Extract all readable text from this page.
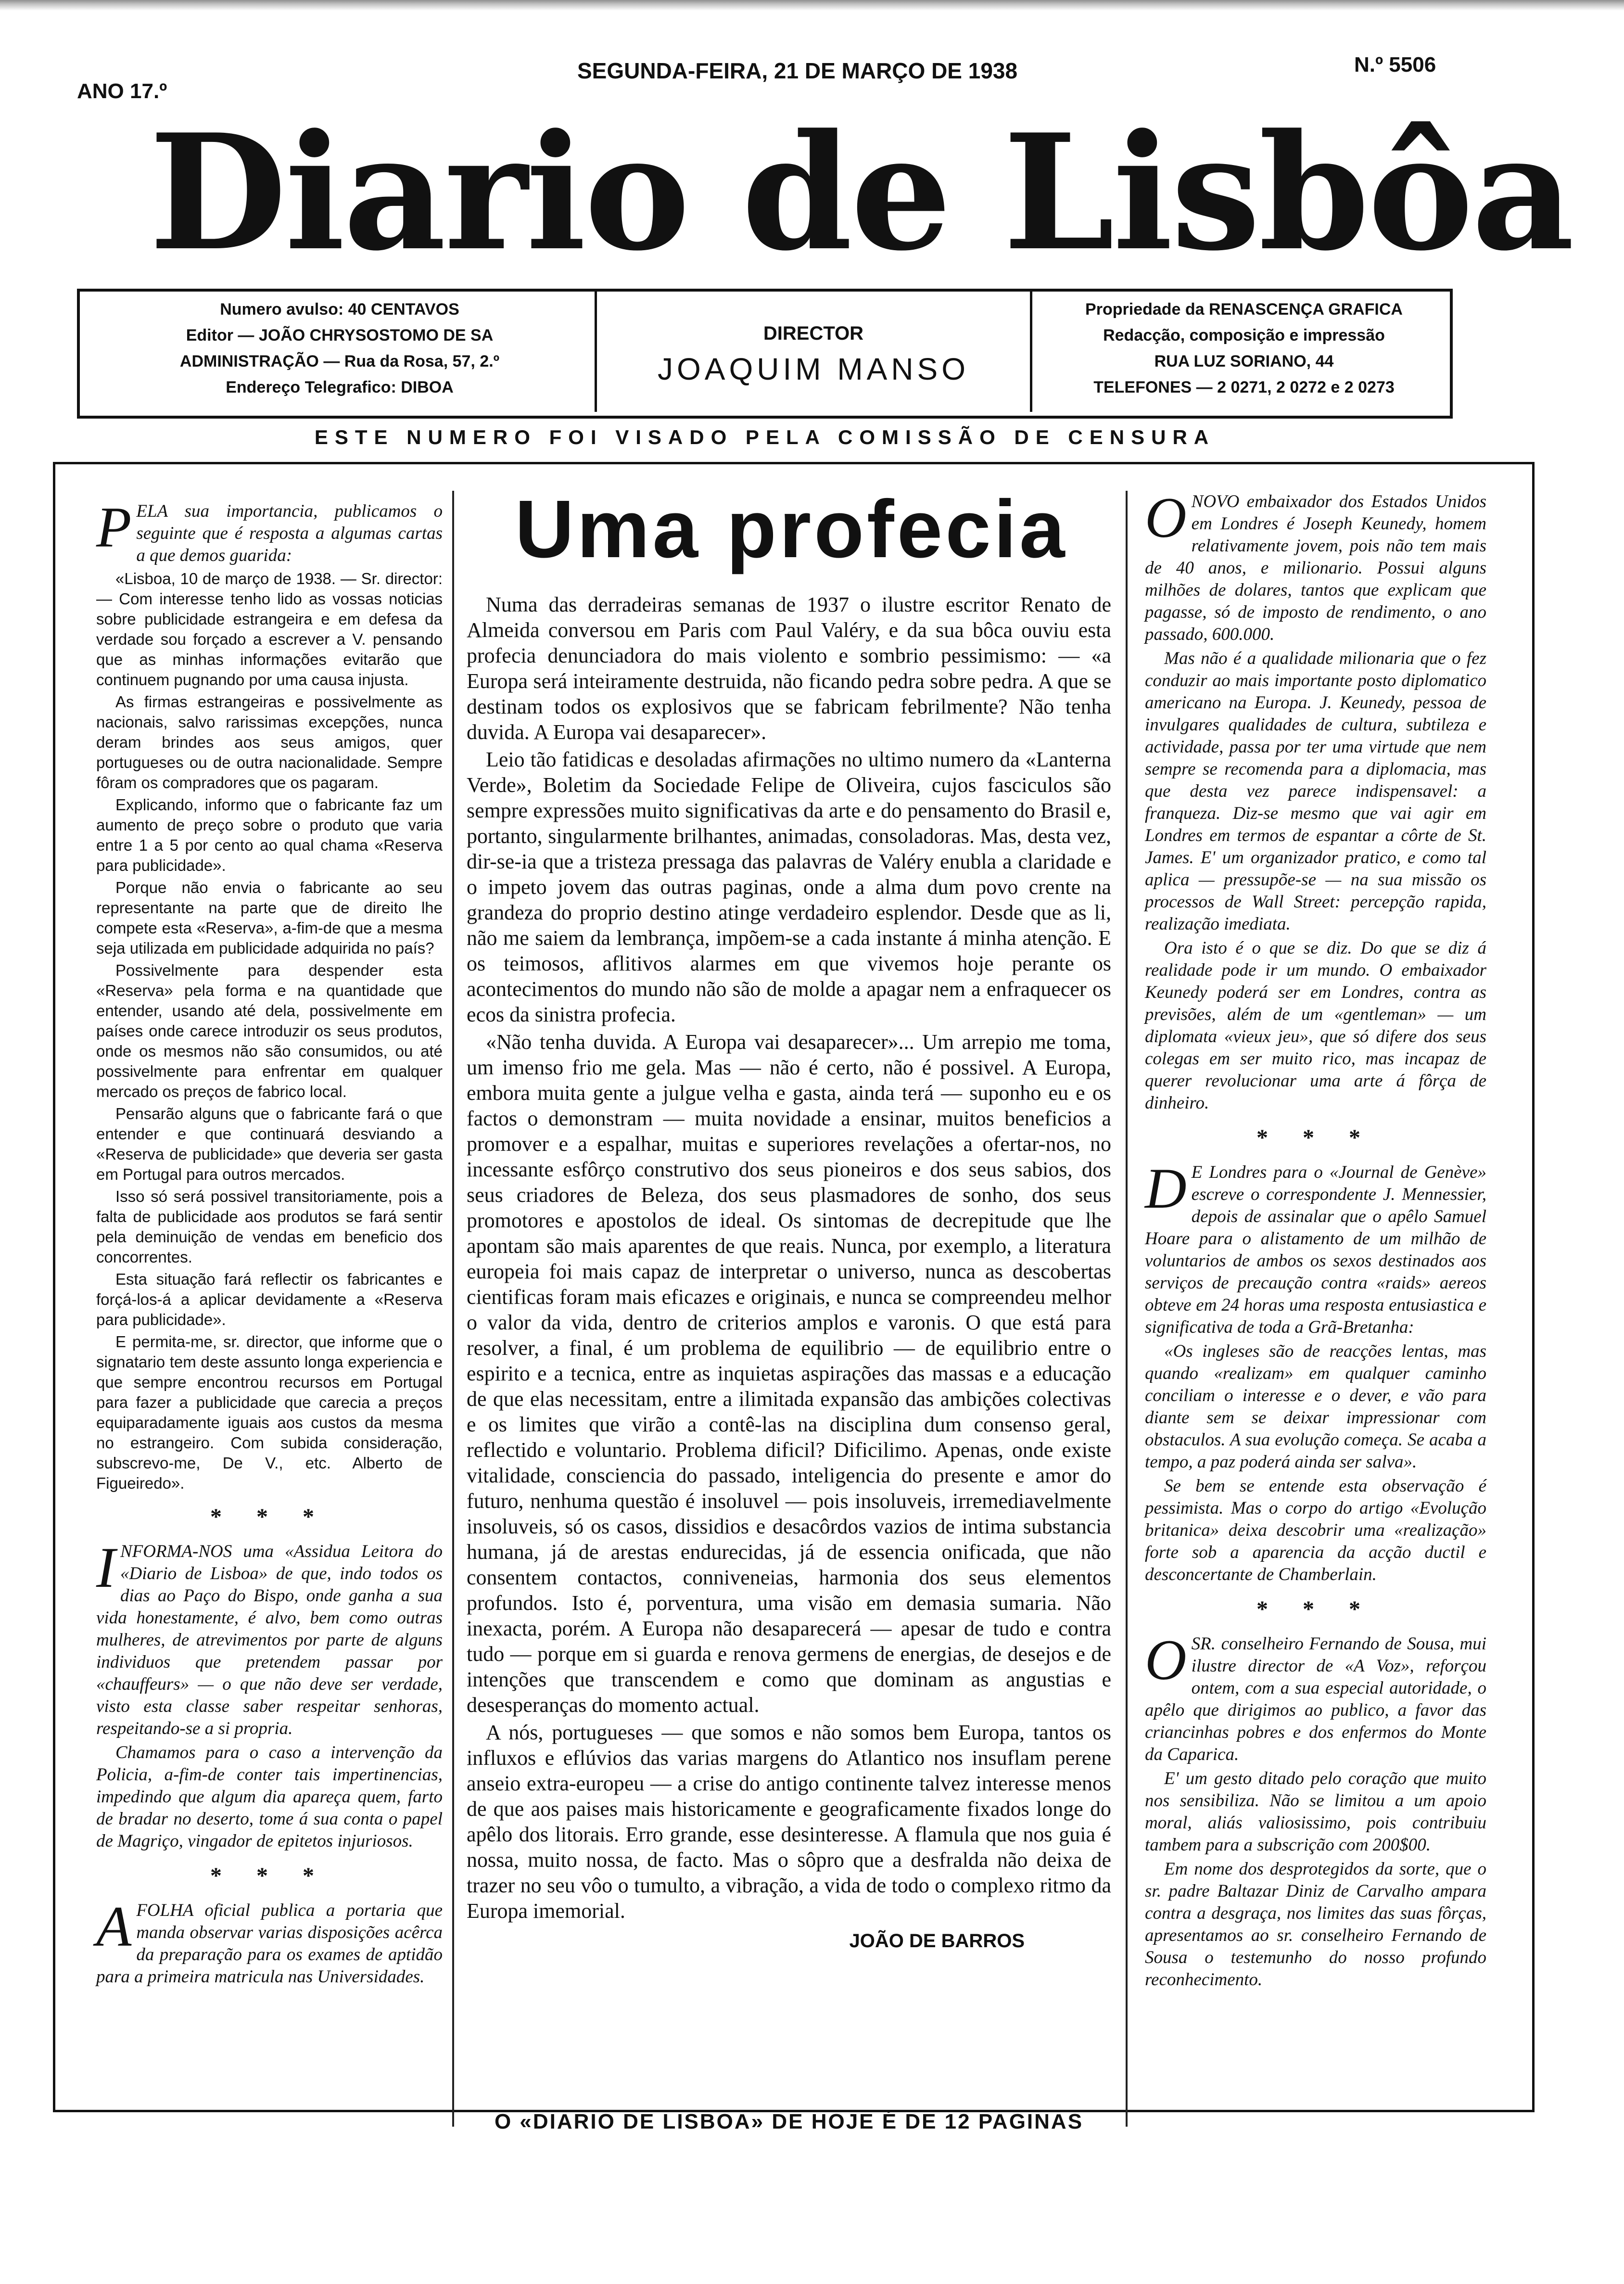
ANO 17.º
SEGUNDA-FEIRA, 21 DE MARÇO DE 1938	N.º 5506
Diario de Lisbôa
Numero avulso: 40 CENTAVOS
Editor — JOÃO CHRYSOSTOMO DE SA
ADMINISTRAÇÃO — Rua da Rosa, 57, 2.º
Endereço Telegrafico: DIBOA
DIRECTOR
JOAQUIM MANSO
Propriedade da RENASCENÇA GRAFICA
Redacção, composição e impressão
RUA LUZ SORIANO, 44
TELEFONES — 2 0271, 2 0272 e 2 0273
ESTE NUMERO FOI VISADO PELA COMISSÃO DE CENSURA

PELA sua importancia, publicamos o seguinte que é resposta a algumas cartas a que demos guarida:

«Lisboa, 10 de março de 1938. — Sr. director: — Com interesse tenho lido as vossas noticias sobre publicidade estrangeira e em defesa da verdade sou forçado a escrever a V. pensando que as minhas informações evitarão que continuem pugnando por uma causa injusta.

As firmas estrangeiras e possivelmente as nacionais, salvo rarissimas excepções, nunca deram brindes aos seus amigos, quer portugueses ou de outra nacionalidade. Sempre fôram os compradores que os pagaram.

Explicando, informo que o fabricante faz um aumento de preço sobre o produto que varia entre 1 a 5 por cento ao qual chama «Reserva para publicidade».

Porque não envia o fabricante ao seu representante na parte que de direito lhe compete esta «Reserva», a-fim-de que a mesma seja utilizada em publicidade adquirida no país?

Possivelmente para despender esta «Reserva» pela forma e na quantidade que entender, usando até dela, possivelmente em países onde carece introduzir os seus produtos, onde os mesmos não são consumidos, ou até possivelmente para enfrentar em qualquer mercado os preços de fabrico local.

Pensarão alguns que o fabricante fará o que entender e que continuará desviando a «Reserva de publicidade» que deveria ser gasta em Portugal para outros mercados.

Isso só será possivel transitoriamente, pois a falta de publicidade aos produtos se fará sentir pela deminuição de vendas em beneficio dos concorrentes.

Esta situação fará reflectir os fabricantes e forçá-los-á a aplicar devidamente a «Reserva para publicidade».

E permita-me, sr. director, que informe que o signatario tem deste assunto longa experiencia e que sempre encontrou recursos em Portugal para fazer a publicidade que carecia a preços equiparadamente iguais aos custos da mesma no estrangeiro. Com subida consideração, subscrevo-me, De V., etc. Alberto de Figueiredo».

* * *

INFORMA-NOS uma «Assidua Leitora do «Diario de Lisboa» de que, indo todos os dias ao Paço do Bispo, onde ganha a sua vida honestamente, é alvo, bem como outras mulheres, de atrevimentos por parte de alguns individuos que pretendem passar por «chauffeurs» — o que não deve ser verdade, visto esta classe saber respeitar senhoras, respeitando-se a si propria.

Chamamos para o caso a intervenção da Policia, a-fim-de conter tais impertinencias, impedindo que algum dia apareça quem, farto de bradar no deserto, tome á sua conta o papel de Magriço, vingador de epitetos injuriosos.

* * *

AFOLHA oficial publica a portaria que manda observar varias disposições acêrca da preparação para os exames de aptidão para a primeira matricula nas Universidades.

Uma profecia

Numa das derradeiras semanas de 1937 o ilustre escritor Renato de Almeida conversou em Paris com Paul Valéry, e da sua bôca ouviu esta profecia denunciadora do mais violento e sombrio pessimismo: — «a Europa será inteiramente destruida, não ficando pedra sobre pedra. A que se destinam todos os explosivos que se fabricam febrilmente? Não tenha duvida. A Europa vai desaparecer».

Leio tão fatidicas e desoladas afirmações no ultimo numero da «Lanterna Verde», Boletim da Sociedade Felipe de Oliveira, cujos fasciculos são sempre expressões muito significativas da arte e do pensamento do Brasil e, portanto, singularmente brilhantes, animadas, consoladoras. Mas, desta vez, dir-se-ia que a tristeza pressaga das palavras de Valéry enubla a claridade e o impeto jovem das outras paginas, onde a alma dum povo crente na grandeza do proprio destino atinge verdadeiro esplendor. Desde que as li, não me saiem da lembrança, impõem-se a cada instante á minha atenção. E os teimosos, aflitivos alarmes em que vivemos hoje perante os acontecimentos do mundo não são de molde a apagar nem a enfraquecer os ecos da sinistra profecia.

«Não tenha duvida. A Europa vai desaparecer»... Um arrepio me toma, um imenso frio me gela. Mas — não é certo, não é possivel. A Europa, embora muita gente a julgue velha e gasta, ainda terá — suponho eu e os factos o demonstram — muita novidade a ensinar, muitos beneficios a promover e a espalhar, muitas e superiores revelações a ofertar-nos, no incessante esfôrço construtivo dos seus pioneiros e dos seus sabios, dos seus criadores de Beleza, dos seus plasmadores de sonho, dos seus promotores e apostolos de ideal. Os sintomas de decrepitude que lhe apontam são mais aparentes de que reais. Nunca, por exemplo, a literatura europeia foi mais capaz de interpretar o universo, nunca as descobertas cientificas foram mais eficazes e originais, e nunca se compreendeu melhor o valor da vida, dentro de criterios amplos e varonis. O que está para resolver, a final, é um problema de equilibrio — de equilibrio entre o espirito e a tecnica, entre as inquietas aspirações das massas e a educação de que elas necessitam, entre a ilimitada expansão das ambições colectivas e os limites que virão a contê-las na disciplina dum consenso geral, reflectido e voluntario. Problema dificil? Dificilimo. Apenas, onde existe vitalidade, consciencia do passado, inteligencia do presente e amor do futuro, nenhuma questão é insoluvel — pois insoluveis, irremediavelmente insoluveis, só os casos, dissidios e desacôrdos vazios de intima substancia humana, já de arestas endurecidas, já de essencia onificada, que não consentem contactos, conniveneias, harmonia dos seus elementos profundos. Isto é, porventura, uma visão em demasia sumaria. Não inexacta, porém. A Europa não desaparecerá — apesar de tudo e contra tudo — porque em si guarda e renova germens de energias, de desejos e de intenções que transcendem e como que dominam as angustias e desesperanças do momento actual.

A nós, portugueses — que somos e não somos bem Europa, tantos os influxos e eflúvios das varias margens do Atlantico nos insuflam perene anseio extra-europeu — a crise do antigo continente talvez interesse menos de que aos paises mais historicamente e geograficamente fixados longe do apêlo dos litorais. Erro grande, esse desinteresse. A flamula que nos guia é nossa, muito nossa, de facto. Mas o sôpro que a desfralda não deixa de trazer no seu vôo o tumulto, a vibração, a vida de todo o complexo ritmo da Europa imemorial.

JOÃO DE BARROS

ONOVO embaixador dos Estados Unidos em Londres é Joseph Keunedy, homem relativamente jovem, pois não tem mais de 40 anos, e milionario. Possui alguns milhões de dolares, tantos que explicam que pagasse, só de imposto de rendimento, o ano passado, 600.000.

Mas não é a qualidade milionaria que o fez conduzir ao mais importante posto diplomatico americano na Europa. J. Keunedy, pessoa de invulgares qualidades de cultura, subtileza e actividade, passa por ter uma virtude que nem sempre se recomenda para a diplomacia, mas que desta vez parece indispensavel: a franqueza. Diz-se mesmo que vai agir em Londres em termos de espantar a côrte de St. James. E' um organizador pratico, e como tal aplica — pressupõe-se — na sua missão os processos de Wall Street: percepção rapida, realização imediata.

Ora isto é o que se diz. Do que se diz á realidade pode ir um mundo. O embaixador Keunedy poderá ser em Londres, contra as previsões, além de um «gentleman» — um diplomata «vieux jeu», que só difere dos seus colegas em ser muito rico, mas incapaz de querer revolucionar uma arte á fôrça de dinheiro.

* * *

D E Londres para o «Journal de Genève» escreve o correspondente J. Mennessier, depois de assinalar que o apêlo Samuel Hoare para o alistamento de um milhão de voluntarios de ambos os sexos destinados aos serviços de precaução contra «raids» aereos obteve em 24 horas uma resposta entusiastica e significativa de toda a Grã-Bretanha:

«Os ingleses são de reacções lentas, mas quando «realizam» em qualquer caminho conciliam o interesse e o dever, e vão para diante sem se deixar impressionar com obstaculos. A sua evolução começa. Se acaba a tempo, a paz poderá ainda ser salva».

Se bem se entende esta observação é pessimista. Mas o corpo do artigo «Evolução britanica» deixa descobrir uma «realização» forte sob a aparencia da acção ductil e desconcertante de Chamberlain.

* * *

OSR. conselheiro Fernando de Sousa, mui ilustre director de «A Voz», reforçou ontem, com a sua especial autoridade, o apêlo que dirigimos ao publico, a favor das criancinhas pobres e dos enfermos do Monte da Caparica.

E' um gesto ditado pelo coração que muito nos sensibiliza. Não se limitou a um apoio moral, aliás valiosissimo, pois contribuiu tambem para a subscrição com 200$00.

Em nome dos desprotegidos da sorte, que o sr. padre Baltazar Diniz de Carvalho ampara contra a desgraça, nos limites das suas fôrças, apresentamos ao sr. conselheiro Fernando de Sousa o testemunho do nosso profundo reconhecimento.

O «DIARIO DE LISBOA» DE HOJE É DE 12 PAGINAS
